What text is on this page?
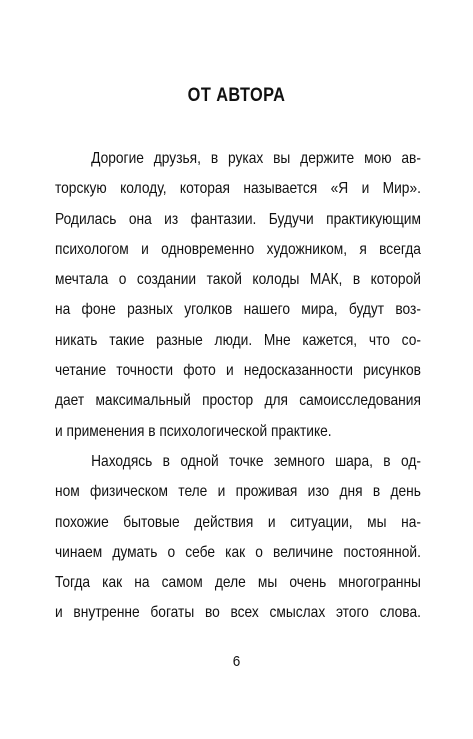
ОТ АВТОРА
Дорогие друзья, в руках вы держите мою ав-
торскую колоду, которая называется «Я и Мир».
Родилась она из фантазии. Будучи практикующим
психологом и одновременно художником, я всегда
мечтала о создании такой колоды МАК, в которой
на фоне разных уголков нашего мира, будут воз-
никать такие разные люди. Мне кажется, что со-
четание точности фото и недосказанности рисунков
дает максимальный простор для самоисследования
и применения в психологической практике.
Находясь в одной точке земного шара, в од-
ном физическом теле и проживая изо дня в день
похожие бытовые действия и ситуации, мы на-
чинаем думать о себе как о величине постоянной.
Тогда как на самом деле мы очень многогранны
и внутренне богаты во всех смыслах этого слова.
6
